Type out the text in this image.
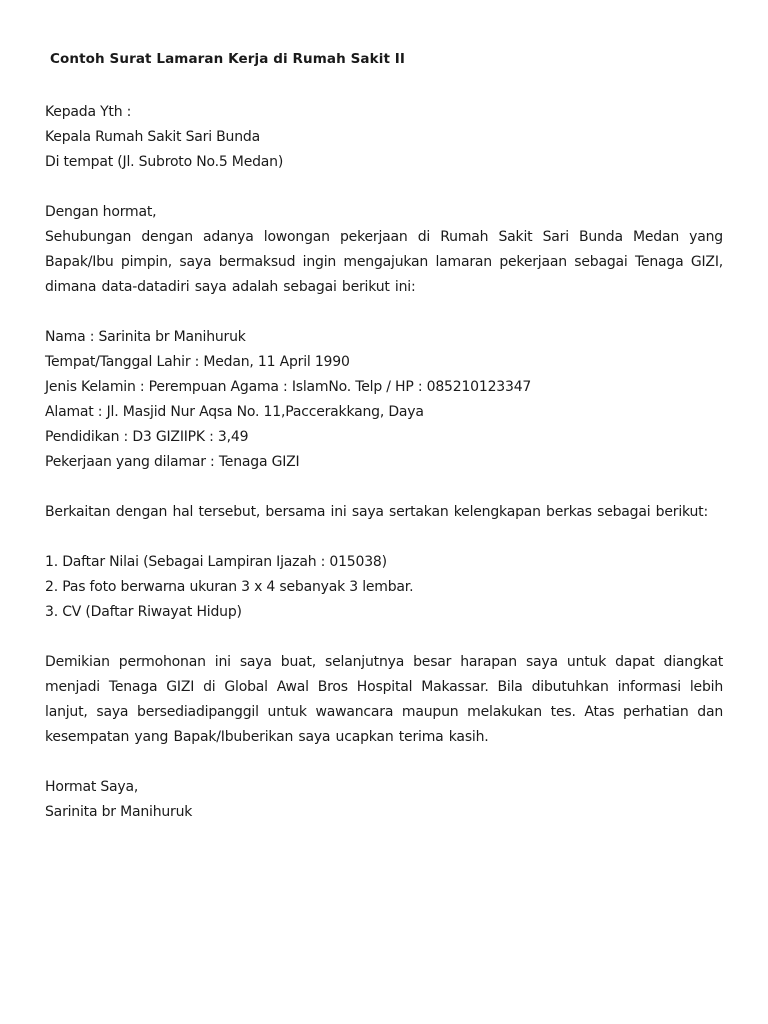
Contoh Surat Lamaran Kerja di Rumah Sakit II
Kepada Yth :
Kepala Rumah Sakit Sari Bunda
Di tempat (Jl. Subroto No.5 Medan)
Dengan hormat,
Sehubungan dengan adanya lowongan pekerjaan di Rumah Sakit Sari Bunda Medan yang Bapak/Ibu pimpin, saya bermaksud ingin mengajukan lamaran pekerjaan sebagai Tenaga GIZI, dimana data-datadiri saya adalah sebagai berikut ini:
Nama : Sarinita br Manihuruk
Tempat/Tanggal Lahir : Medan, 11 April 1990
Jenis Kelamin : Perempuan Agama : IslamNo. Telp / HP : 085210123347
Alamat : Jl. Masjid Nur Aqsa No. 11,Paccerakkang, Daya
Pendidikan : D3 GIZIIPK : 3,49
Pekerjaan yang dilamar : Tenaga GIZI
Berkaitan dengan hal tersebut, bersama ini saya sertakan kelengkapan berkas sebagai berikut:
1. Daftar Nilai (Sebagai Lampiran Ijazah : 015038)
2. Pas foto berwarna ukuran 3 x 4 sebanyak 3 lembar.
3. CV (Daftar Riwayat Hidup)
Demikian permohonan ini saya buat, selanjutnya besar harapan saya untuk dapat diangkat menjadi Tenaga GIZI di Global Awal Bros Hospital Makassar. Bila dibutuhkan informasi lebih lanjut, saya bersediadipanggil untuk wawancara maupun melakukan tes. Atas perhatian dan kesempatan yang Bapak/Ibuberikan saya ucapkan terima kasih.
Hormat Saya,
Sarinita br Manihuruk
